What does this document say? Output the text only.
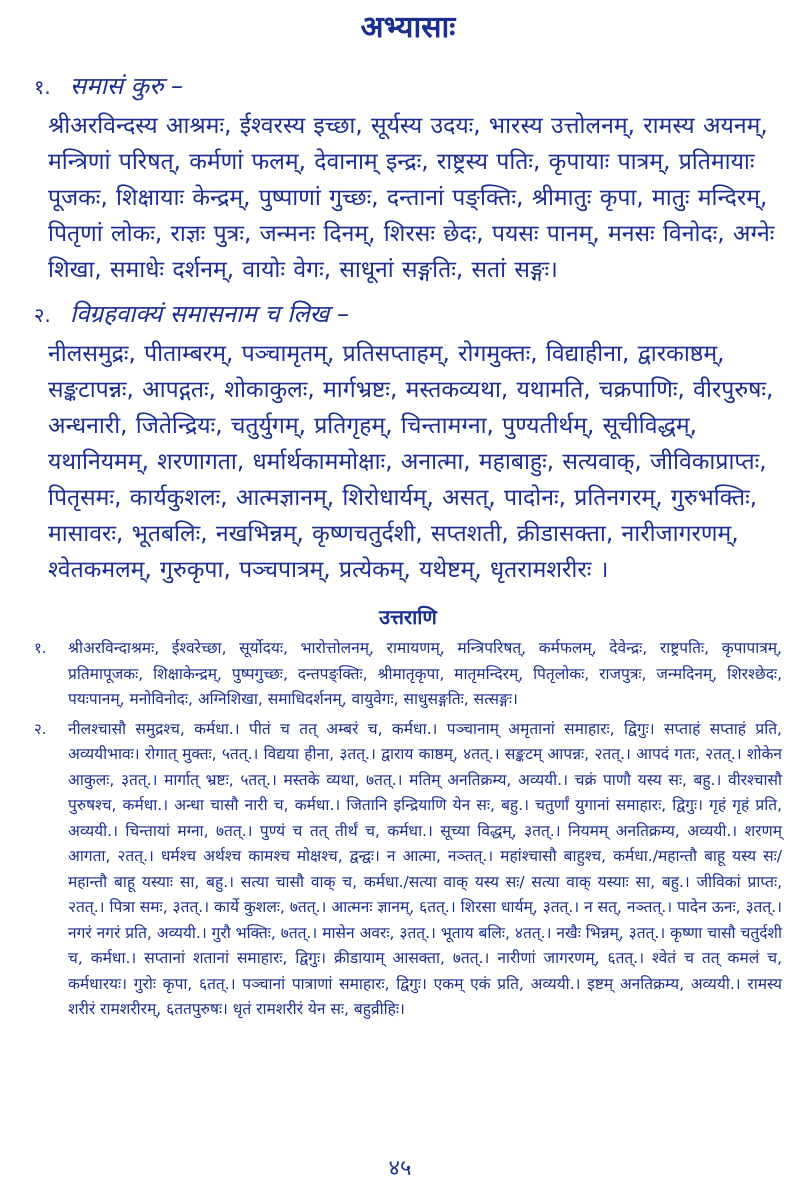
अभ्यासाः
१. समासं कुरु –

श्रीअरविन्दस्य आश्रमः, ईश्वरस्य इच्छा, सूर्यस्य उदयः, भारस्य उत्तोलनम्, रामस्य अयनम्, मन्त्रिणां परिषत्, कर्मणां फलम्, देवानाम् इन्द्रः, राष्ट्रस्य पतिः, कृपायाः पात्रम्, प्रतिमायाः पूजकः, शिक्षायाः केन्द्रम्, पुष्पाणां गुच्छः, दन्तानां पङ्क्तिः, श्रीमातुः कृपा, मातुः मन्दिरम्, पितृणां लोकः, राज्ञः पुत्रः, जन्मनः दिनम्, शिरसः छेदः, पयसः पानम्, मनसः विनोदः, अग्नेः शिखा, समाधेः दर्शनम्, वायोः वेगः, साधूनां सङ्गतिः, सतां सङ्गः।

२. विग्रहवाक्यं समासनाम च लिख –

नीलसमुद्रः, पीताम्बरम्, पञ्चामृतम्, प्रतिसप्ताहम्, रोगमुक्तः, विद्याहीना, द्वारकाष्ठम्, सङ्कटापन्नः, आपद्गतः, शोकाकुलः, मार्गभ्रष्टः, मस्तकव्यथा, यथामति, चक्रपाणिः, वीरपुरुषः, अन्धनारी, जितेन्द्रियः, चतुर्युगम्, प्रतिगृहम्, चिन्तामग्ना, पुण्यतीर्थम्, सूचीविद्धम्, यथानियमम्, शरणागता, धर्मार्थकाममोक्षाः, अनात्मा, महाबाहुः, सत्यवाक्, जीविकाप्राप्तः, पितृसमः, कार्यकुशलः, आत्मज्ञानम्, शिरोधार्यम्, असत्, पादोनः, प्रतिनगरम्, गुरुभक्तिः, मासावरः, भूतबलिः, नखभिन्नम्, कृष्णचतुर्दशी, सप्तशती, क्रीडासक्ता, नारीजागरणम्, श्वेतकमलम्, गुरुकृपा, पञ्चपात्रम्, प्रत्येकम्, यथेष्टम्, धृतरामशरीरः ।

उत्तराणि
१.	श्रीअरविन्दाश्रमः, ईश्वरेच्छा, सूर्योदयः, भारोत्तोलनम्, रामायणम्, मन्त्रिपरिषत्, कर्मफलम्, देवेन्द्रः, राष्ट्रपतिः, कृपापात्रम्, प्रतिमापूजकः, शिक्षाकेन्द्रम्, पुष्पगुच्छः, दन्तपङ्क्तिः, श्रीमातृकृपा, मातृमन्दिरम्, पितृलोकः, राजपुत्रः, जन्मदिनम्, शिरश्छेदः, पयःपानम्, मनोविनोदः, अग्निशिखा, समाधिदर्शनम्, वायुवेगः, साधुसङ्गतिः, सत्सङ्गः।
२.	नीलश्चासौ समुद्रश्च, कर्मधा.। पीतं च तत् अम्बरं च, कर्मधा.। पञ्चानाम् अमृतानां समाहारः, द्विगुः। सप्ताहं सप्ताहं प्रति, अव्ययीभावः। रोगात् मुक्तः, ५तत्.। विद्यया हीना, ३तत्.। द्वाराय काष्ठम्, ४तत्.। सङ्कटम् आपन्नः, २तत्.। आपदं गतः, २तत्.। शोकेन आकुलः, ३तत्.। मार्गात् भ्रष्टः, ५तत्.। मस्तके व्यथा, ७तत्.। मतिम् अनतिक्रम्य, अव्ययी.। चक्रं पाणौ यस्य सः, बहु.। वीरश्चासौ पुरुषश्च, कर्मधा.। अन्धा चासौ नारी च, कर्मधा.। जितानि इन्द्रियाणि येन सः, बहु.। चतुर्णां युगानां समाहारः, द्विगुः। गृहं गृहं प्रति, अव्ययी.। चिन्तायां मग्ना, ७तत्.। पुण्यं च तत् तीर्थं च, कर्मधा.। सूच्या विद्धम्, ३तत्.। नियमम् अनतिक्रम्य, अव्ययी.। शरणम् आगता, २तत्.। धर्मश्च अर्थश्च कामश्च मोक्षश्च, द्वन्द्वः। न आत्मा, नञ्तत्.। महांश्चासौ बाहुश्च, कर्मधा./महान्तौ बाहू यस्य सः/महान्तौ बाहू यस्याः सा, बहु.। सत्या चासौ वाक् च, कर्मधा./सत्या वाक् यस्य सः/ सत्या वाक् यस्याः सा, बहु.। जीविकां प्राप्तः, २तत्.। पित्रा समः, ३तत्.। कार्ये कुशलः, ७तत्.। आत्मनः ज्ञानम्, ६तत्.। शिरसा धार्यम्, ३तत्.। न सत्, नञ्तत्.। पादेन ऊनः, ३तत्.। नगरं नगरं प्रति, अव्ययी.। गुरौ भक्तिः, ७तत्.। मासेन अवरः, ३तत्.। भूताय बलिः, ४तत्.। नखैः भिन्नम्, ३तत्.। कृष्णा चासौ चतुर्दशी च, कर्मधा.। सप्तानां शतानां समाहारः, द्विगुः। क्रीडायाम् आसक्ता, ७तत्.। नारीणां जागरणम्, ६तत्.। श्वेतं च तत् कमलं च, कर्मधारयः। गुरोः कृपा, ६तत्.। पञ्चानां पात्राणां समाहारः, द्विगुः। एकम् एकं प्रति, अव्ययी.। इष्टम् अनतिक्रम्य, अव्ययी.। रामस्य शरीरं रामशरीरम्, ६ततपुरुषः। धृतं रामशरीरं येन सः, बहुव्रीहिः।
४५
